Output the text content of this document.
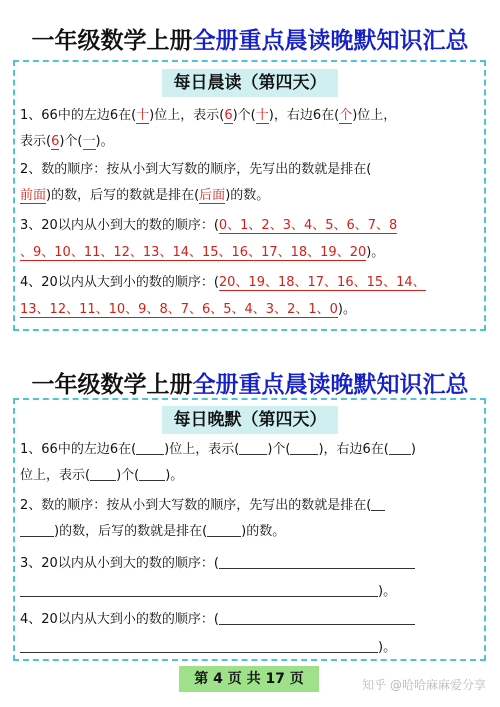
一年级数学上册全册重点晨读晚默知识汇总
每日晨读（第四天）
1、66中的左边6在(十)位上，表示(6)个(十)，右边6在(个)位上，
表示(6)个(一)。
2、数的顺序：按从小到大写数的顺序，先写出的数就是排在(
前面)的数，后写的数就是排在(后面)的数。
3、20以内从小到大的数的顺序：(0、1、2、3、4、5、6、7、8
、9、10、11、12、13、14、15、16、17、18、19、20)。
4、20以内从大到小的数的顺序：(20、19、18、17、16、15、14、
13、12、11、10、9、8、7、6、5、4、3、2、1、0)。
一年级数学上册全册重点晨读晚默知识汇总
每日晚默（第四天）
1、66中的左边6在( )位上，表示( )个( )，右边6在( )
位上，表示( )个( )。
2、数的顺序：按从小到大写数的顺序，先写出的数就是排在(
)的数，后写的数就是排在(	)的数。
3、20以内从小到大的数的顺序：(
)。
4、20以内从大到小的数的顺序：(
)。
第 4 页 共 17 页	知乎 @哈哈麻麻爱分享
